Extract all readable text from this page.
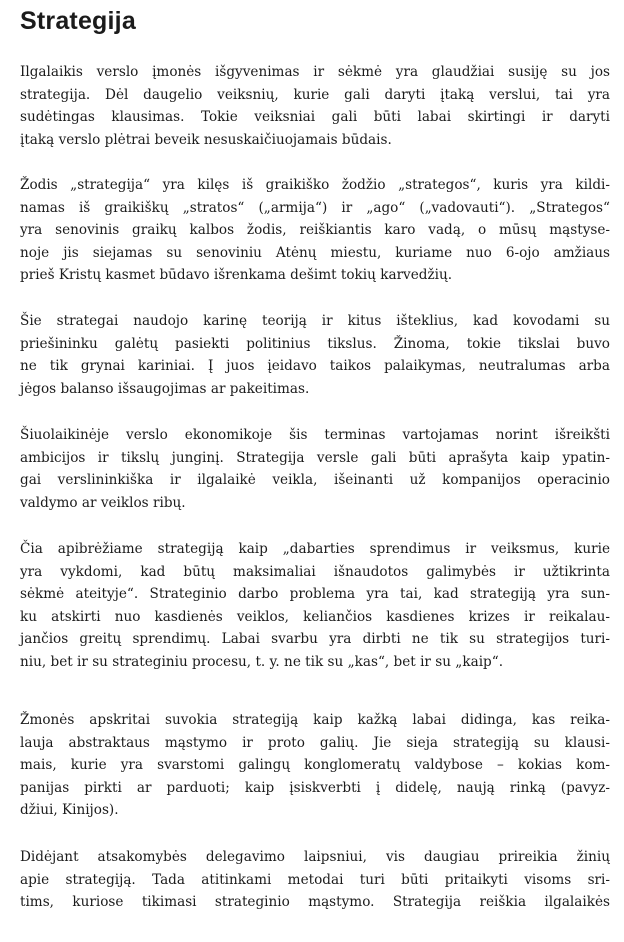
Strategija

Ilgalaikis verslo įmonės išgyvenimas ir sėkmė yra glaudžiai susiję su jos
strategija. Dėl daugelio veiksnių, kurie gali daryti įtaką verslui, tai yra
sudėtingas klausimas. Tokie veiksniai gali būti labai skirtingi ir daryti
įtaką verslo plėtrai beveik nesuskaičiuojamais būdais.

Žodis „strategija“ yra kilęs iš graikiško žodžio „strategos“, kuris yra kildi-
namas iš graikiškų „stratos“ („armija“) ir „ago“ („vadovauti“). „Strategos“
yra senovinis graikų kalbos žodis, reiškiantis karo vadą, o mūsų mąstyse-
noje jis siejamas su senoviniu Atėnų miestu, kuriame nuo 6-ojo amžiaus
prieš Kristų kasmet būdavo išrenkama dešimt tokių karvedžių.

Šie strategai naudojo karinę teoriją ir kitus išteklius, kad kovodami su
priešininku galėtų pasiekti politinius tikslus. Žinoma, tokie tikslai buvo
ne tik grynai kariniai. Į juos įeidavo taikos palaikymas, neutralumas arba
jėgos balanso išsaugojimas ar pakeitimas.

Šiuolaikinėje verslo ekonomikoje šis terminas vartojamas norint išreikšti
ambicijos ir tikslų junginį. Strategija versle gali būti aprašyta kaip ypatin-
gai verslininkiška ir ilgalaikė veikla, išeinanti už kompanijos operacinio
valdymo ar veiklos ribų.

Čia apibrėžiame strategiją kaip „dabarties sprendimus ir veiksmus, kurie
yra vykdomi, kad būtų maksimaliai išnaudotos galimybės ir užtikrinta
sėkmė ateityje“. Strateginio darbo problema yra tai, kad strategiją yra sun-
ku atskirti nuo kasdienės veiklos, keliančios kasdienes krizes ir reikalau-
jančios greitų sprendimų. Labai svarbu yra dirbti ne tik su strategijos turi-
niu, bet ir su strateginiu procesu, t. y. ne tik su „kas“, bet ir su „kaip“.

Žmonės apskritai suvokia strategiją kaip kažką labai didinga, kas reika-
lauja abstraktaus mąstymo ir proto galių. Jie sieja strategiją su klausi-
mais, kurie yra svarstomi galingų konglomeratų valdybose – kokias kom-
panijas pirkti ar parduoti; kaip įsiskverbti į didelę, naują rinką (pavyz-
džiui, Kinijos).

Didėjant atsakomybės delegavimo laipsniui, vis daugiau prireikia žinių
apie strategiją. Tada atitinkami metodai turi būti pritaikyti visoms sri-
tims, kuriose tikimasi strateginio mąstymo. Strategija reiškia ilgalaikės
